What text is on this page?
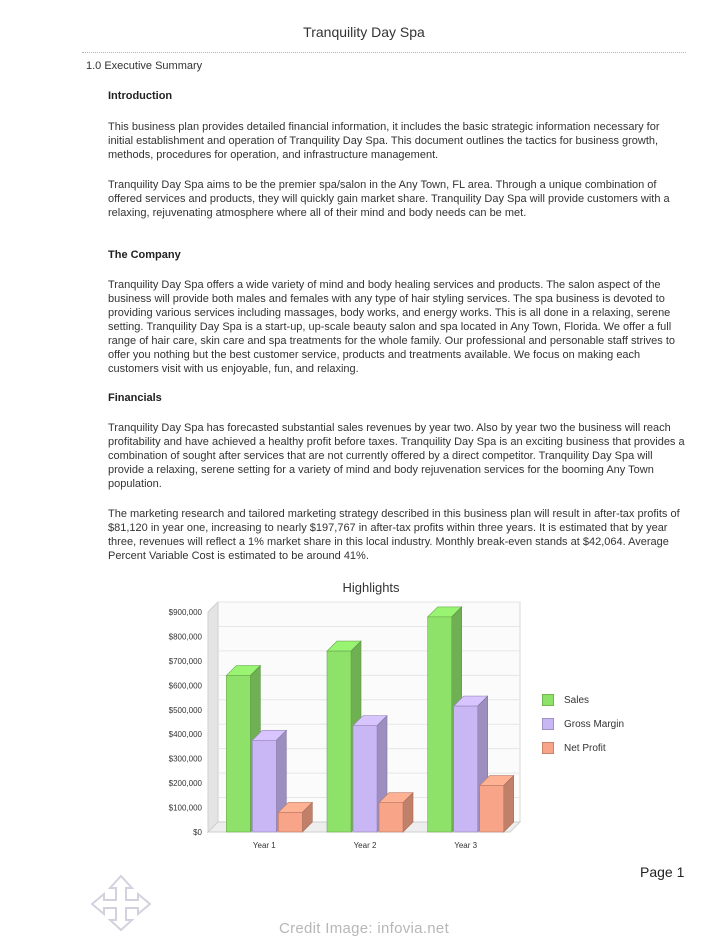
Tranquility Day Spa
1.0 Executive Summary
Introduction
This business plan provides detailed financial information, it includes the basic strategic information necessary for initial establishment and operation of Tranquility Day Spa. This document outlines the tactics for business growth, methods, procedures for operation, and infrastructure management.
Tranquility Day Spa aims to be the premier spa/salon in the Any Town, FL area. Through a unique combination of offered services and products, they will quickly gain market share. Tranquility Day Spa will provide customers with a relaxing, rejuvenating atmosphere where all of their mind and body needs can be met.
The Company
Tranquility Day Spa offers a wide variety of mind and body healing services and products. The salon aspect of the business will provide both males and females with any type of hair styling services. The spa business is devoted to providing various services including massages, body works, and energy works. This is all done in a relaxing, serene setting. Tranquility Day Spa is a start-up, up-scale beauty salon and spa located in Any Town, Florida. We offer a full range of hair care, skin care and spa treatments for the whole family. Our professional and personable staff strives to offer you nothing but the best customer service, products and treatments available. We focus on making each customers visit with us enjoyable, fun, and relaxing.
Financials
Tranquility Day Spa has forecasted substantial sales revenues by year two. Also by year two the business will reach profitability and have achieved a healthy profit before taxes. Tranquility Day Spa is an exciting business that provides a combination of sought after services that are not currently offered by a direct competitor. Tranquility Day Spa will provide a relaxing, serene setting for a variety of mind and body rejuvenation services for the booming Any Town population.
The marketing research and tailored marketing strategy described in this business plan will result in after-tax profits of $81,120 in year one, increasing to nearly $197,767 in after-tax profits within three years. It is estimated that by year three, revenues will reflect a 1% market share in this local industry. Monthly break-even stands at $42,064. Average Percent Variable Cost is estimated to be around 41%.
Highlights
$0
$100,000
$200,000
$300,000
$400,000
$500,000
$600,000
$700,000
$800,000
$900,000
Year 1	Year 2	Year 3
Sales
Gross Margin
Net Profit
Page 1
Credit Image: infovia.net
